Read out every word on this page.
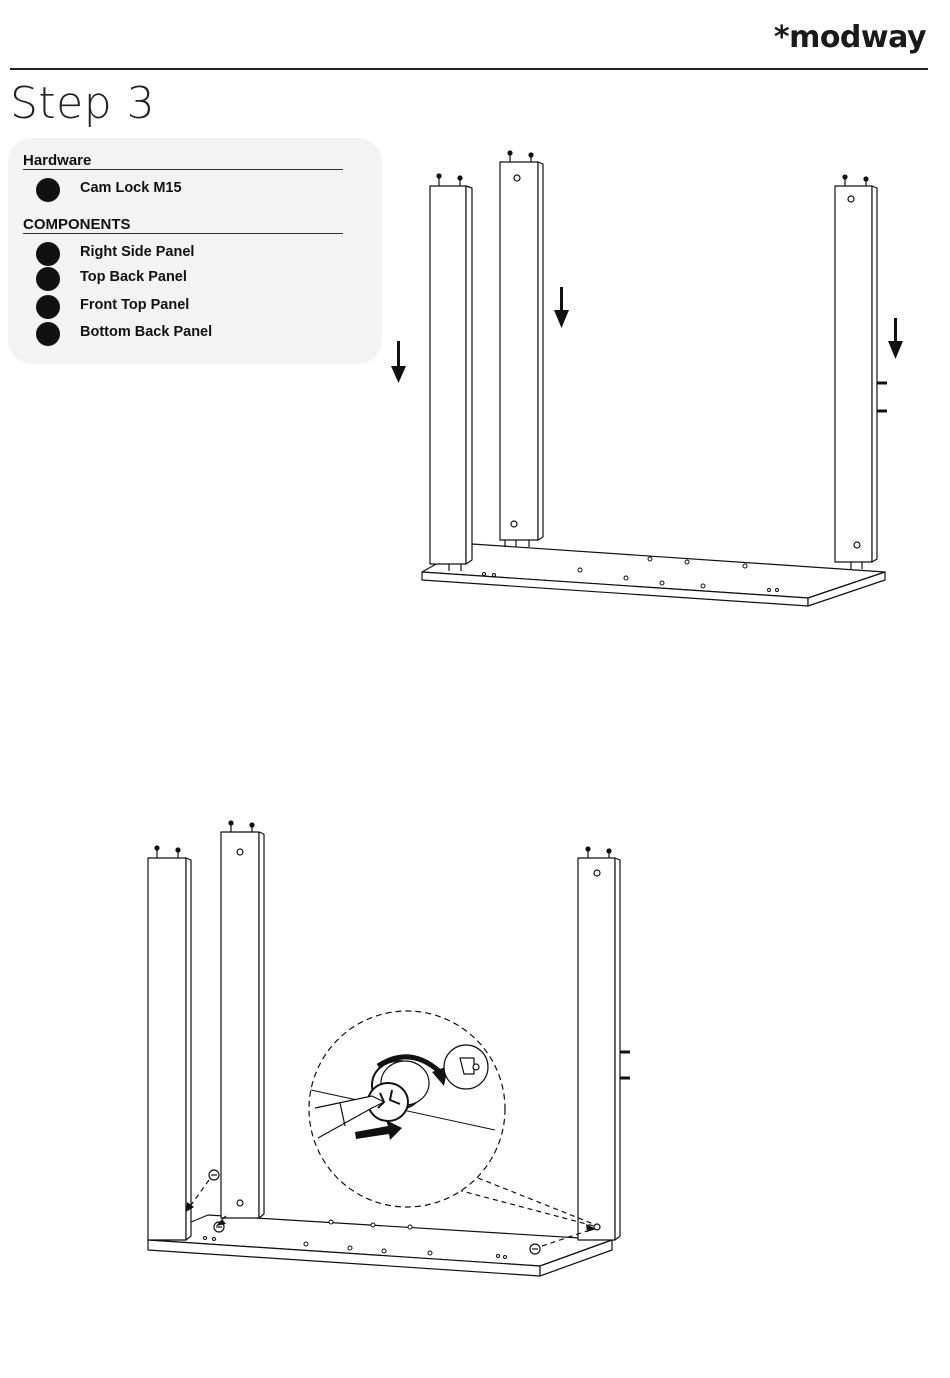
*modway
Step 3
Hardware
Cam Lock M15
COMPONENTS
Right Side Panel
Top Back Panel
Front Top Panel
Bottom Back Panel
